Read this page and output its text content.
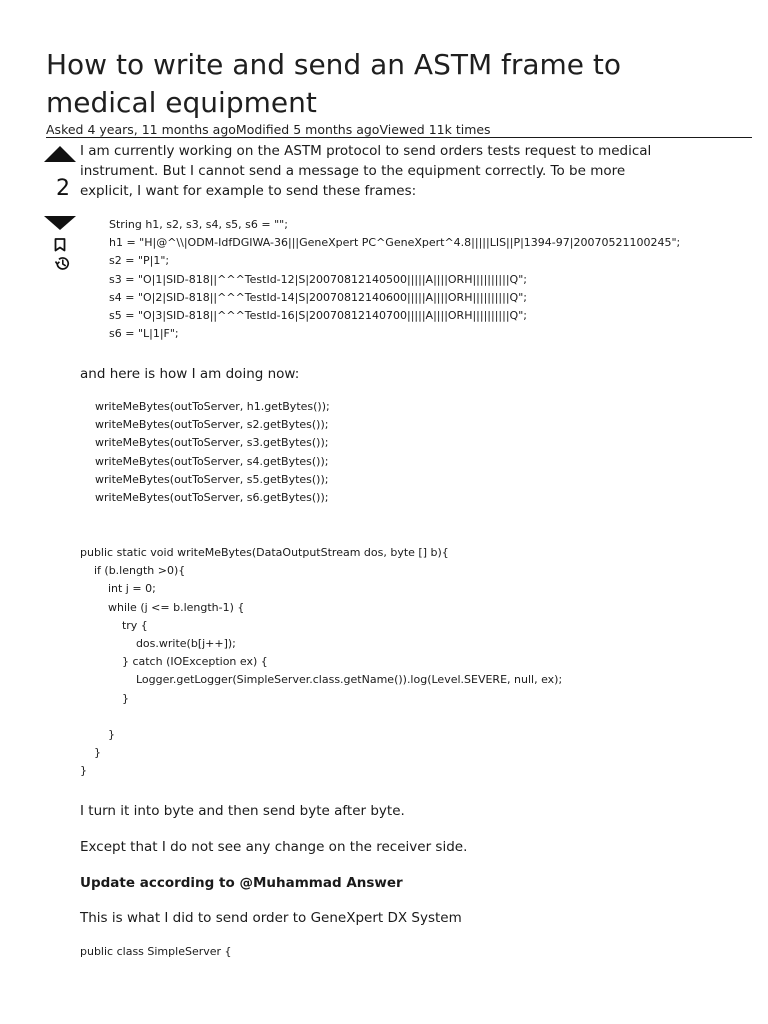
How to write and send an ASTM frame to medical equipment
Asked 4 years, 11 months agoModified 5 months agoViewed 11k times
2

I am currently working on the ASTM protocol to send orders tests request to medical instrument. But I cannot send a message to the equipment correctly. To be more explicit, I want for example to send these frames:

String h1, s2, s3, s4, s5, s6 = "";
h1 = "H|@^\\|ODM-IdfDGIWA-36|||GeneXpert PC^GeneXpert^4.8|||||LIS||P|1394-97|20070521100245";
s2 = "P|1";
s3 = "O|1|SID-818||^^^TestId-12|S|20070812140500|||||A||||ORH||||||||||Q";
s4 = "O|2|SID-818||^^^TestId-14|S|20070812140600|||||A||||ORH||||||||||Q";
s5 = "O|3|SID-818||^^^TestId-16|S|20070812140700|||||A||||ORH||||||||||Q";
s6 = "L|1|F";

and here is how I am doing now:

writeMeBytes(outToServer, h1.getBytes());
writeMeBytes(outToServer, s2.getBytes());
writeMeBytes(outToServer, s3.getBytes());
writeMeBytes(outToServer, s4.getBytes());
writeMeBytes(outToServer, s5.getBytes());
writeMeBytes(outToServer, s6.getBytes());
public static void writeMeBytes(DataOutputStream dos, byte [] b){
if (b.length >0){
int j = 0;
while (j <= b.length-1) {
try {
dos.write(b[j++]);
} catch (IOException ex) {
Logger.getLogger(SimpleServer.class.getName()).log(Level.SEVERE, null, ex);
}

}
}
}

I turn it into byte and then send byte after byte.

Except that I do not see any change on the receiver side.

Update according to @Muhammad Answer

This is what I did to send order to GeneXpert DX System

public class SimpleServer {
